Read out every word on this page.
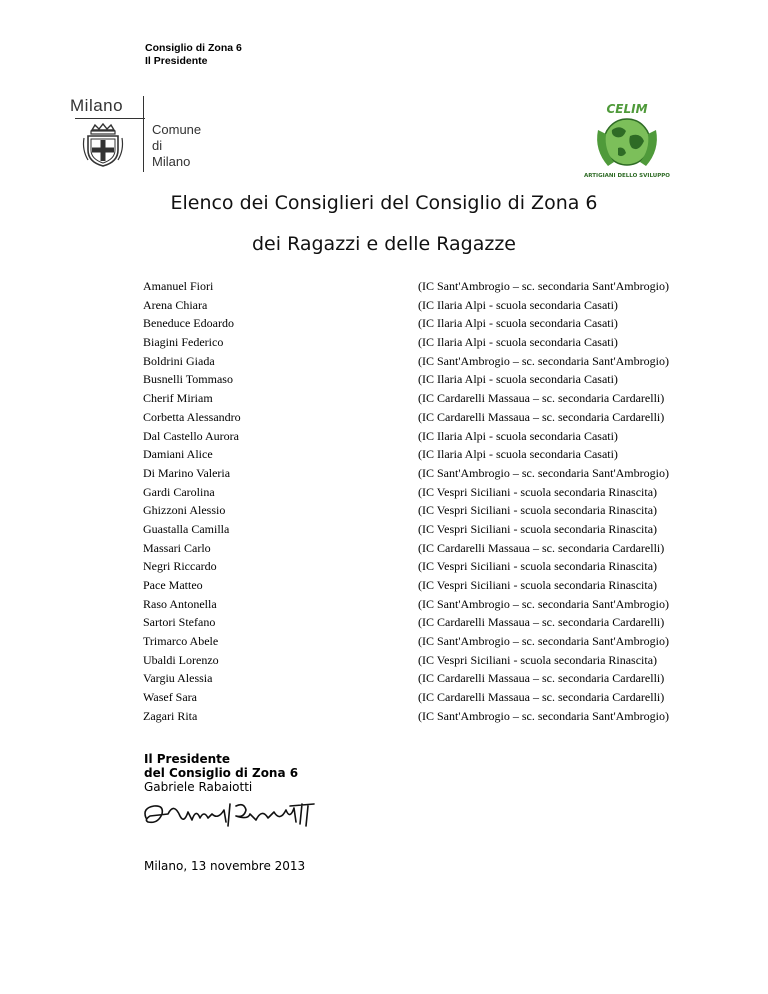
Consiglio di Zona 6
Il Presidente
Milano
Comune
di Milano
CELIM
ARTIGIANI DELLO SVILUPPO
Elenco dei Consiglieri del Consiglio di Zona 6
dei Ragazzi e delle Ragazze
Amanuel Fiori	(IC Sant'Ambrogio – sc. secondaria Sant'Ambrogio)
Arena Chiara	(IC Ilaria Alpi - scuola secondaria Casati)
Beneduce Edoardo	(IC Ilaria Alpi - scuola secondaria Casati)
Biagini Federico	(IC Ilaria Alpi - scuola secondaria Casati)
Boldrini Giada	(IC Sant'Ambrogio – sc. secondaria Sant'Ambrogio)
Busnelli Tommaso	(IC Ilaria Alpi - scuola secondaria Casati)
Cherif Miriam	(IC Cardarelli Massaua – sc. secondaria Cardarelli)
Corbetta Alessandro	(IC Cardarelli Massaua – sc. secondaria Cardarelli)
Dal Castello Aurora	(IC Ilaria Alpi - scuola secondaria Casati)
Damiani Alice	(IC Ilaria Alpi - scuola secondaria Casati)
Di Marino Valeria	(IC Sant'Ambrogio – sc. secondaria Sant'Ambrogio)
Gardi Carolina	(IC Vespri Siciliani - scuola secondaria Rinascita)
Ghizzoni Alessio	(IC Vespri Siciliani - scuola secondaria Rinascita)
Guastalla Camilla	(IC Vespri Siciliani - scuola secondaria Rinascita)
Massari Carlo	(IC Cardarelli Massaua – sc. secondaria Cardarelli)
Negri Riccardo	(IC Vespri Siciliani - scuola secondaria Rinascita)
Pace Matteo	(IC Vespri Siciliani - scuola secondaria Rinascita)
Raso Antonella	(IC Sant'Ambrogio – sc. secondaria Sant'Ambrogio)
Sartori Stefano	(IC Cardarelli Massaua – sc. secondaria Cardarelli)
Trimarco Abele	(IC Sant'Ambrogio – sc. secondaria Sant'Ambrogio)
Ubaldi Lorenzo	(IC Vespri Siciliani - scuola secondaria Rinascita)
Vargiu Alessia	(IC Cardarelli Massaua – sc. secondaria Cardarelli)
Wasef Sara	(IC Cardarelli Massaua – sc. secondaria Cardarelli)
Zagari Rita	(IC Sant'Ambrogio – sc. secondaria Sant'Ambrogio)
Il Presidente
del Consiglio di Zona 6
Gabriele Rabaiotti
Milano, 13 novembre 2013
